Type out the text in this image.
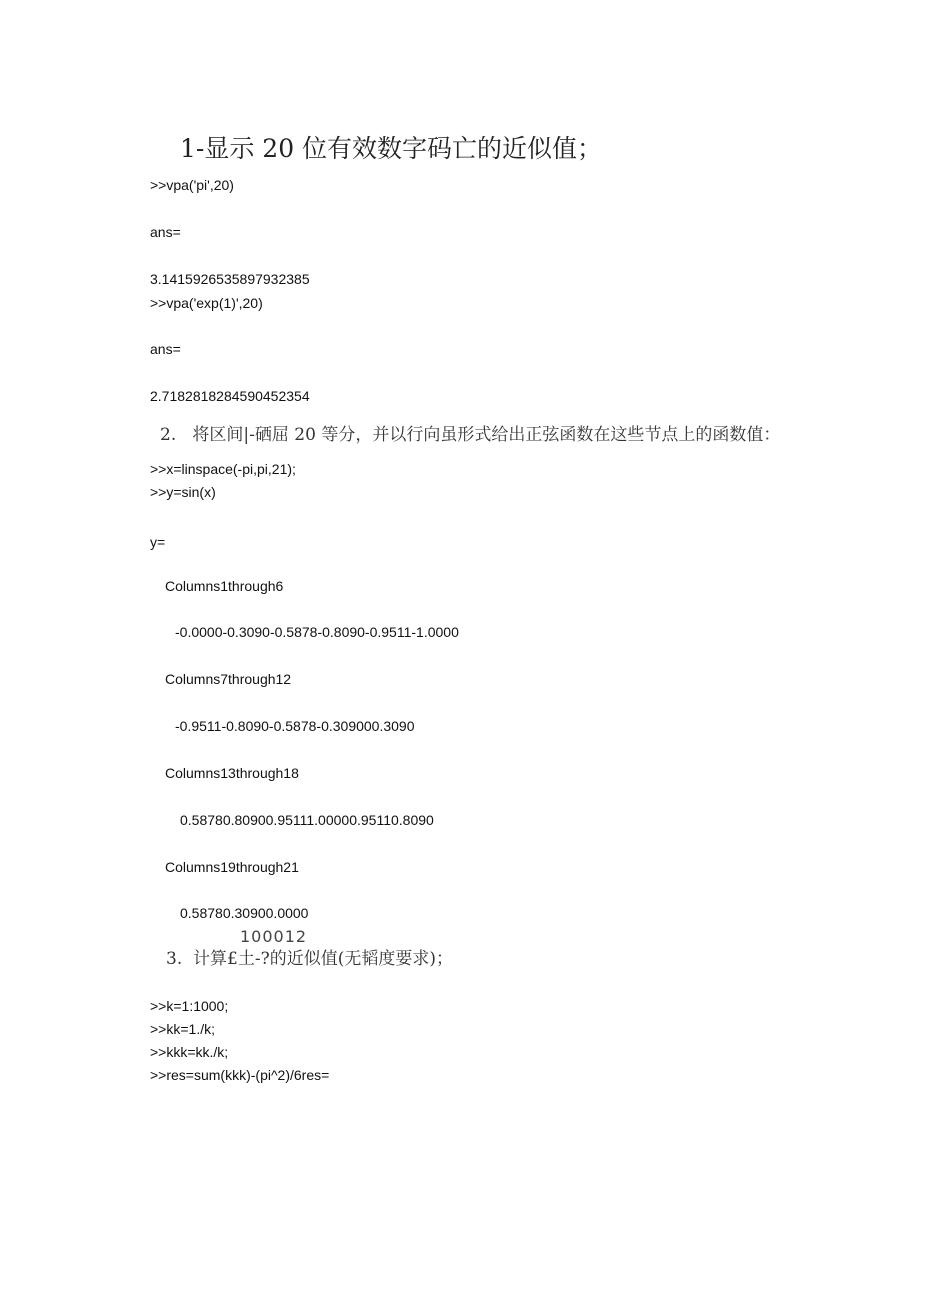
1-显示 20 位有效数字码亡的近似值；

>>vpa('pi',20)

ans=

3.1415926535897932385

>>vpa('exp(1)',20)

ans=

2.7182818284590452354

2.   将区间|-硒屈 20 等分，并以行向虽形式给出正弦函数在这些节点上的函数值：

>>x=linspace(-pi,pi,21);

>>y=sin(x)

y=

Columns1through6

-0.0000-0.3090-0.5878-0.8090-0.9511-1.0000

Columns7through12

-0.9511-0.8090-0.5878-0.309000.3090

Columns13through18

0.58780.80900.95111.00000.95110.8090

Columns19through21

0.58780.30900.0000

100012

3.  计算£土-?的近似值(无韬度要求)；

>>k=1:1000;

>>kk=1./k;

>>kkk=kk./k;

>>res=sum(kkk)-(pi^2)/6res=
